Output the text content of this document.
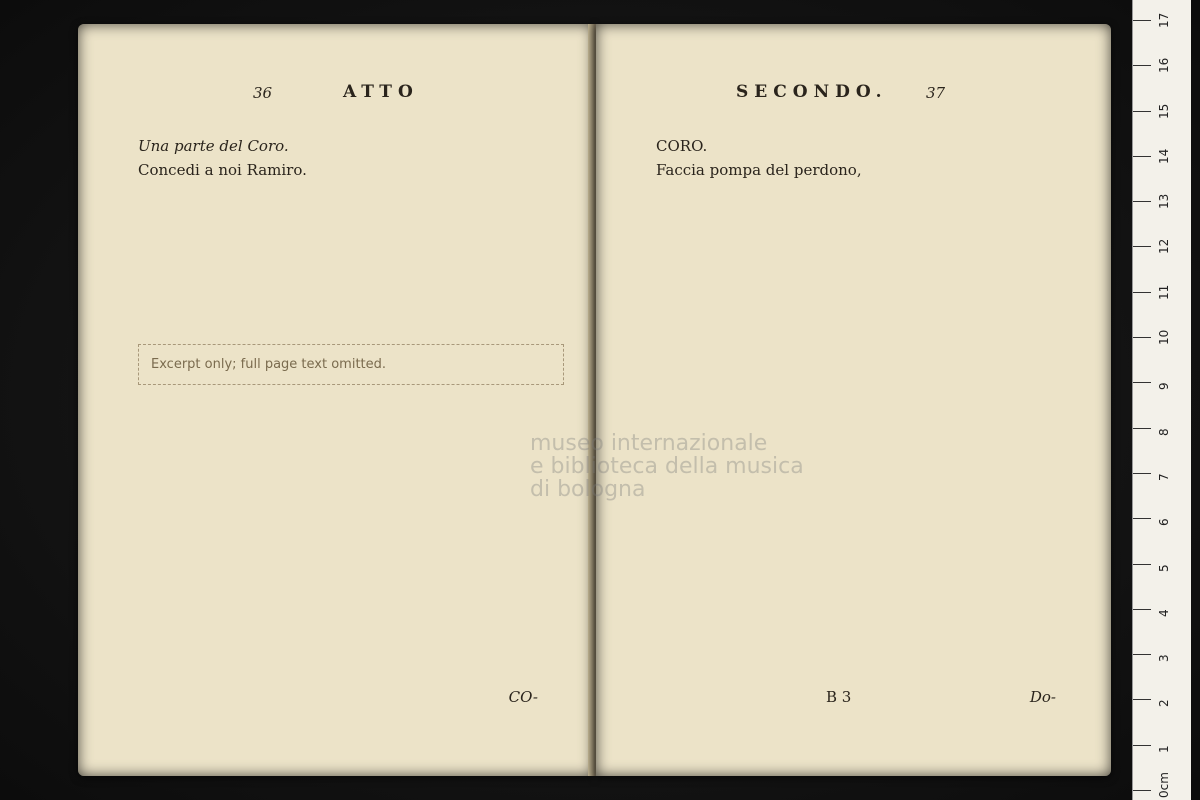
36	ATTO
Una parte del Coro.
Concedi a noi Ramiro.
Excerpt only; full page text omitted.
CO-
SECONDO.	37
CORO.
Faccia pompa del perdono,
B 3	Do-
museo internazionale
e biblioteca della musica
di bologna
0cm
1
2
3
4
5
6
7
8
9
10
11
12
13
14
15
16
17
